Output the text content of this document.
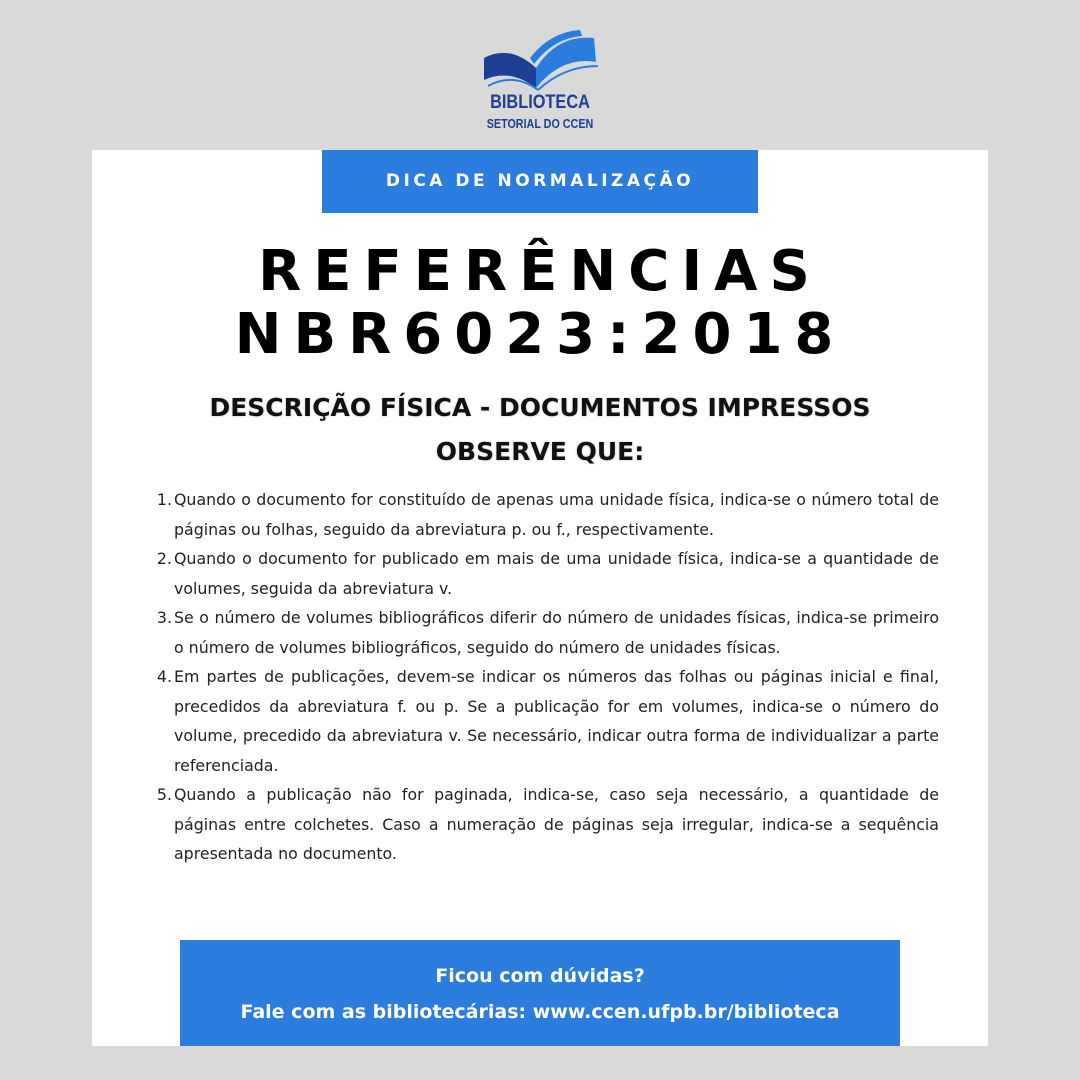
BIBLIOTECA
SETORIAL DO CCEN
DICA DE NORMALIZAÇÃO
REFERÊNCIAS
NBR6023:2018
DESCRIÇÃO FÍSICA - DOCUMENTOS IMPRESSOS
OBSERVE QUE:
1. Quando o documento for constituído de apenas uma unidade física, indica-se o número total de páginas ou folhas, seguido da abreviatura p. ou f., respectivamente.
2. Quando o documento for publicado em mais de uma unidade física, indica-se a quantidade de volumes, seguida da abreviatura v.
3. Se o número de volumes bibliográficos diferir do número de unidades físicas, indica-se primeiro o número de volumes bibliográficos, seguido do número de unidades físicas.
4. Em partes de publicações, devem-se indicar os números das folhas ou páginas inicial e final, precedidos da abreviatura f. ou p. Se a publicação for em volumes, indica-se o número do volume, precedido da abreviatura v. Se necessário, indicar outra forma de individualizar a parte referenciada.
5. Quando a publicação não for paginada, indica-se, caso seja necessário, a quantidade de páginas entre colchetes. Caso a numeração de páginas seja irregular, indica-se a sequência apresentada no documento.
Ficou com dúvidas?
Fale com as bibliotecárias: www.ccen.ufpb.br/biblioteca
